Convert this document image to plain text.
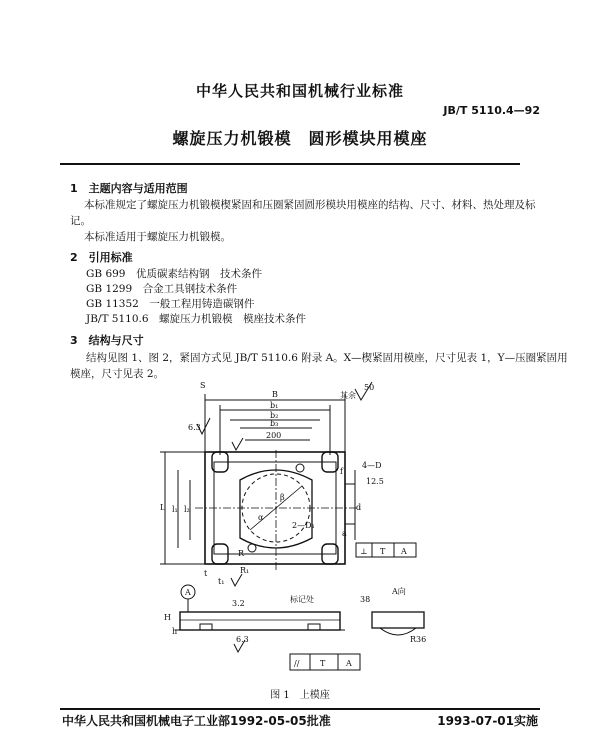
中华人民共和国机械行业标准
JB/T 5110.4—92
螺旋压力机锻模　圆形模块用模座
1　主题内容与适用范围
本标准规定了螺旋压力机锻模楔紧固和压圈紧固圆形模块用模座的结构、尺寸、材料、热处理及标
记。
本标准适用于螺旋压力机锻模。
2　引用标准
GB 699　优质碳素结构钢　技术条件
GB 1299　合金工具钢技术条件
GB 11352　一般工程用铸造碳钢件
JB/T 5110.6　螺旋压力机锻模　模座技术条件
3　结构与尺寸
结构见图 1、图 2，紧固方式见 JB/T 5110.6 附录 A。X—楔紧固用模座，尺寸见表 1，Y—压圈紧固用
模座，尺寸见表 2。
B
b₁
b₂
b₃
200
S
L l₁ l₂
R
R₁
t
t₁
f
4—D
2—D₁
d
a
β
α
其余
50
6.3
12.5
⊥ T A
A
标记处
A向
H
h
38
R36
3.2
6.3
//	T	A
图 1　上模座
中华人民共和国机械电子工业部1992-05-05批准	1993-07-01实施
